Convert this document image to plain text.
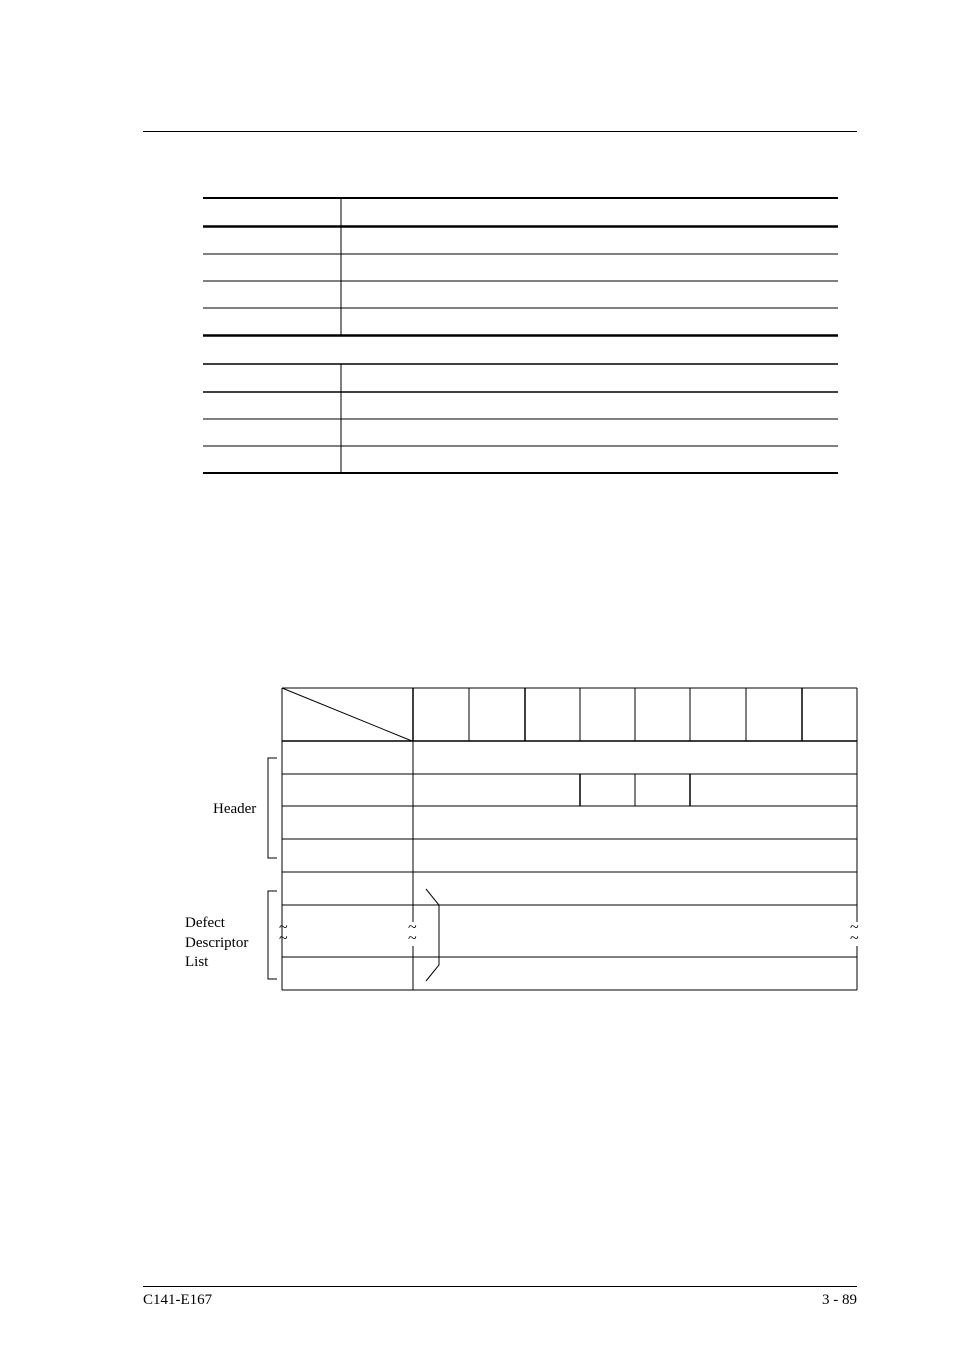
~
~
~
~
~
~
Header
Defect
Descriptor
List
C141-E167	3 - 89
